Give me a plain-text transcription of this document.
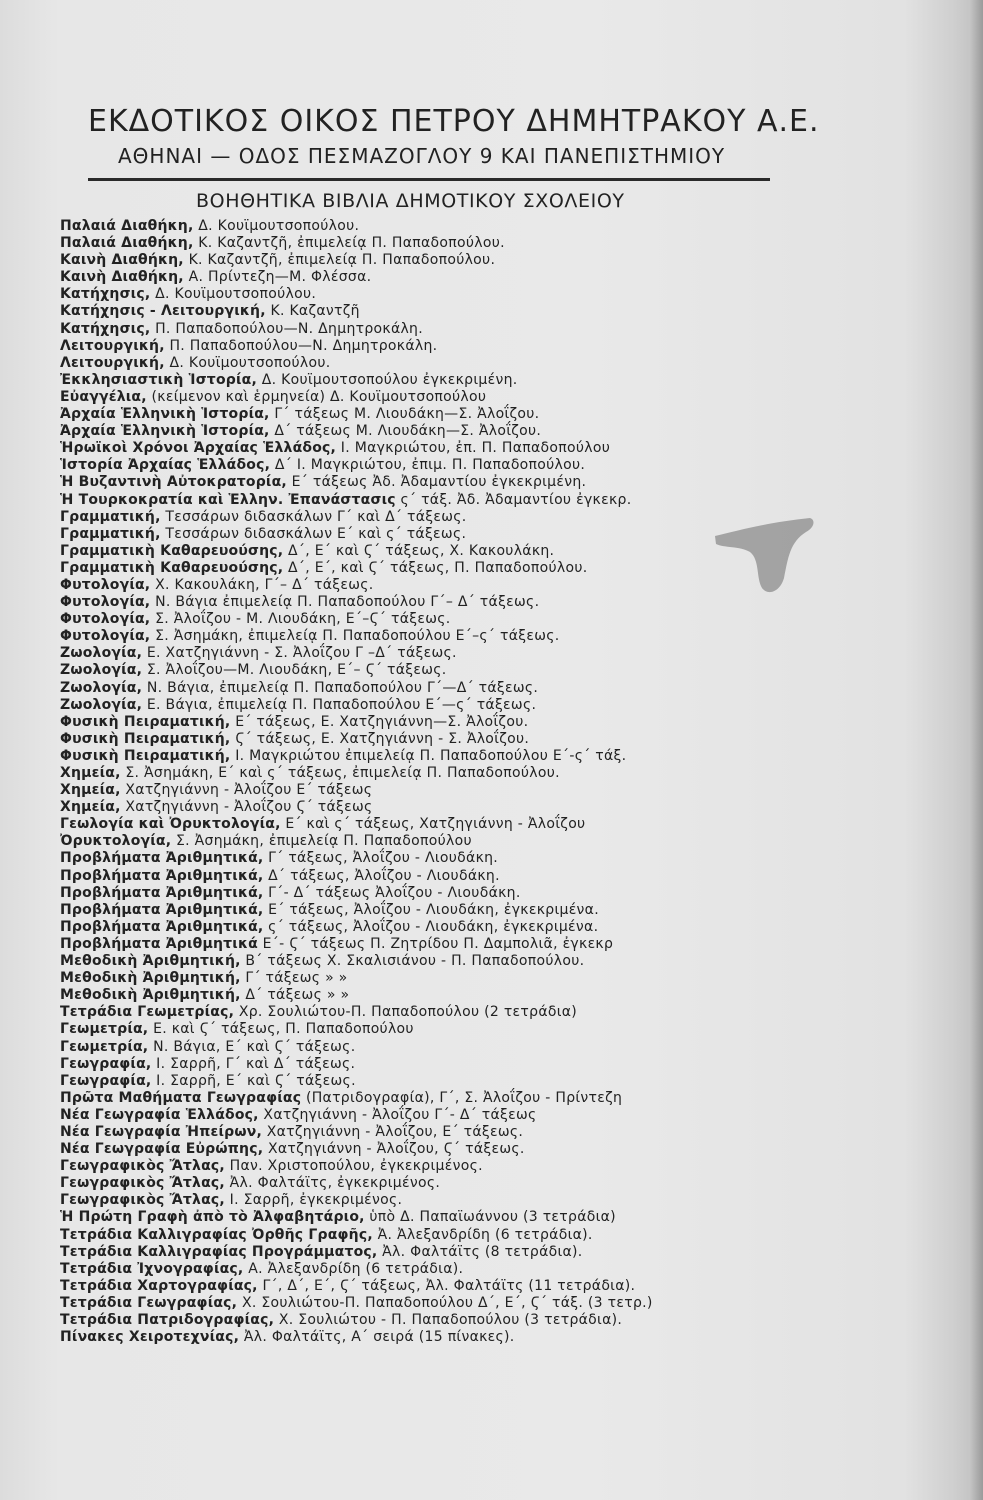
ΕΚΔΟΤΙΚΟΣ ΟΙΚΟΣ ΠΕΤΡΟΥ ΔΗΜΗΤΡΑΚΟΥ Α.Ε.
ΑΘΗΝΑΙ — ΟΔΟΣ ΠΕΣΜΑΖΟΓΛΟΥ 9 ΚΑΙ ΠΑΝΕΠΙΣΤΗΜΙΟΥ
ΒΟΗΘΗΤΙΚΑ ΒΙΒΛΙΑ ΔΗΜΟΤΙΚΟΥ ΣΧΟΛΕΙΟΥ
Παλαιά Διαθήκη, Δ. Κουϊμουτσοπούλου.
Παλαιά Διαθήκη, Κ. Καζαντζῆ, ἐπιμελείᾳ Π. Παπαδοπούλου.
Καινὴ Διαθήκη, Κ. Καζαντζῆ, ἐπιμελείᾳ Π. Παπαδοπούλου.
Καινὴ Διαθήκη, Α. Πρίντεζη—Μ. Φλέσσα.
Κατήχησις, Δ. Κουϊμουτσοπούλου.
Κατήχησις - Λειτουργική, Κ. Καζαντζῆ
Κατήχησις, Π. Παπαδοπούλου—Ν. Δημητροκάλη.
Λειτουργική, Π. Παπαδοπούλου—Ν. Δημητροκάλη.
Λειτουργική, Δ. Κουϊμουτσοπούλου.
Ἐκκλησιαστικὴ Ἱστορία, Δ. Κουϊμουτσοπούλου ἐγκεκριμένη.
Εὐαγγέλια, (κείμενον καὶ ἑρμηνεία) Δ. Κουϊμουτσοπούλου
Ἀρχαία Ἑλληνικὴ Ἱστορία, Γ΄ τάξεως Μ. Λιουδάκη—Σ. Ἀλοΐζου.
Ἀρχαία Ἑλληνικὴ Ἱστορία, Δ΄ τάξεως Μ. Λιουδάκη—Σ. Ἀλοΐζου.
Ἡρωϊκοὶ Χρόνοι Ἀρχαίας Ἑλλάδος, Ι. Μαγκριώτου, ἐπ. Π. Παπαδοπούλου
Ἱστορία Ἀρχαίας Ἑλλάδος, Δ΄ Ι. Μαγκριώτου, ἐπιμ. Π. Παπαδοπούλου.
Ἡ Βυζαντινὴ Αὐτοκρατορία, Ε΄ τάξεως Ἀδ. Ἀδαμαντίου ἐγκεκριμένη.
Ἡ Τουρκοκρατία καὶ Ἑλλην. Ἐπανάστασις ς΄ τάξ. Ἀδ. Ἀδαμαντίου ἐγκεκρ.
Γραμματική, Τεσσάρων διδασκάλων Γ΄ καὶ Δ΄ τάξεως.
Γραμματική, Τεσσάρων διδασκάλων Ε΄ καὶ ς΄ τάξεως.
Γραμματικὴ Καθαρευούσης, Δ΄, Ε΄ καὶ Ϛ΄ τάξεως, Χ. Κακουλάκη.
Γραμματικὴ Καθαρευούσης, Δ΄, Ε΄, καὶ Ϛ΄ τάξεως, Π. Παπαδοπούλου.
Φυτολογία, Χ. Κακουλάκη, Γ΄– Δ΄ τάξεως.
Φυτολογία, Ν. Βάγια ἐπιμελείᾳ Π. Παπαδοπούλου Γ΄– Δ΄ τάξεως.
Φυτολογία, Σ. Ἀλοΐζου - Μ. Λιουδάκη, Ε΄–Ϛ΄ τάξεως.
Φυτολογία, Σ. Ἀσημάκη, ἐπιμελείᾳ Π. Παπαδοπούλου Ε΄–ς΄ τάξεως.
Ζωολογία, Ε. Χατζηγιάννη - Σ. Ἀλοΐζου Γ –Δ΄ τάξεως.
Ζωολογία, Σ. Ἀλοΐζου—Μ. Λιουδάκη, Ε΄– Ϛ΄ τάξεως.
Ζωολογία, Ν. Βάγια, ἐπιμελείᾳ Π. Παπαδοπούλου Γ΄—Δ΄ τάξεως.
Ζωολογία, Ε. Βάγια, ἐπιμελείᾳ Π. Παπαδοπούλου Ε΄—ς΄ τάξεως.
Φυσικὴ Πειραματική, Ε΄ τάξεως, Ε. Χατζηγιάννη—Σ. Ἀλοΐζου.
Φυσικὴ Πειραματική, Ϛ΄ τάξεως, Ε. Χατζηγιάννη - Σ. Ἀλοΐζου.
Φυσικὴ Πειραματική, Ι. Μαγκριώτου ἐπιμελείᾳ Π. Παπαδοπούλου Ε΄-ς΄ τάξ.
Χημεία, Σ. Ἀσημάκη, Ε΄ καὶ ς΄ τάξεως, ἐπιμελείᾳ Π. Παπαδοπούλου.
Χημεία, Χατζηγιάννη - Ἀλοΐζου Ε΄ τάξεως
Χημεία, Χατζηγιάννη - Ἀλοΐζου Ϛ΄ τάξεως
Γεωλογία καὶ Ὀρυκτολογία, Ε΄ καὶ ς΄ τάξεως, Χατζηγιάννη - Ἀλοΐζου
Ὀρυκτολογία, Σ. Ἀσημάκη, ἐπιμελείᾳ Π. Παπαδοπούλου
Προβλήματα Ἀριθμητικά, Γ΄ τάξεως, Ἀλοΐζου - Λιουδάκη.
Προβλήματα Ἀριθμητικά, Δ΄ τάξεως, Ἀλοΐζου - Λιουδάκη.
Προβλήματα Ἀριθμητικά, Γ΄- Δ΄ τάξεως Ἀλοΐζου - Λιουδάκη.
Προβλήματα Ἀριθμητικά, Ε΄ τάξεως, Ἀλοΐζου - Λιουδάκη, ἐγκεκριμένα.
Προβλήματα Ἀριθμητικά, ς΄ τάξεως, Ἀλοΐζου - Λιουδάκη, ἐγκεκριμένα.
Προβλήματα Ἀριθμητικά Ε΄- Ϛ΄ τάξεως Π. Ζητρίδου Π. Δαμπολιᾶ, ἐγκεκρ
Μεθοδικὴ Ἀριθμητική, Β΄ τάξεως Χ. Σκαλισιάνου - Π. Παπαδοπούλου.
Μεθοδικὴ Ἀριθμητική, Γ΄ τάξεως » »
Μεθοδικὴ Ἀριθμητική, Δ΄ τάξεως » »
Τετράδια Γεωμετρίας, Χρ. Σουλιώτου-Π. Παπαδοπούλου (2 τετράδια)
Γεωμετρία, Ε. καὶ Ϛ΄ τάξεως, Π. Παπαδοπούλου
Γεωμετρία, Ν. Βάγια, Ε΄ καὶ Ϛ΄ τάξεως.
Γεωγραφία, Ι. Σαρρῆ, Γ΄ καὶ Δ΄ τάξεως.
Γεωγραφία, Ι. Σαρρῆ, Ε΄ καὶ Ϛ΄ τάξεως.
Πρῶτα Μαθήματα Γεωγραφίας (Πατριδογραφία), Γ΄, Σ. Ἀλοΐζου - Πρίντεζη
Νέα Γεωγραφία Ἑλλάδος, Χατζηγιάννη - Ἀλοΐζου Γ΄- Δ΄ τάξεως
Νέα Γεωγραφία Ἠπείρων, Χατζηγιάννη - Ἀλοΐζου, Ε΄ τάξεως.
Νέα Γεωγραφία Εὐρώπης, Χατζηγιάννη - Ἀλοΐζου, Ϛ΄ τάξεως.
Γεωγραφικὸς Ἄτλας, Παν. Χριστοπούλου, ἐγκεκριμένος.
Γεωγραφικὸς Ἄτλας, Ἀλ. Φαλτάϊτς, ἐγκεκριμένος.
Γεωγραφικὸς Ἄτλας, Ι. Σαρρῆ, ἐγκεκριμένος.
Ἡ Πρώτη Γραφὴ ἀπὸ τὸ Ἀλφαβητάριο, ὑπὸ Δ. Παπαϊωάννου (3 τετράδια)
Τετράδια Καλλιγραφίας Ὀρθῆς Γραφῆς, Ἀ. Ἀλεξανδρίδη (6 τετράδια).
Τετράδια Καλλιγραφίας Προγράμματος, Ἀλ. Φαλτάϊτς (8 τετράδια).
Τετράδια Ἰχνογραφίας, Α. Ἀλεξανδρίδη (6 τετράδια).
Τετράδια Χαρτογραφίας, Γ΄, Δ΄, Ε΄, Ϛ΄ τάξεως, Ἀλ. Φαλτάϊτς (11 τετράδια).
Τετράδια Γεωγραφίας, Χ. Σουλιώτου-Π. Παπαδοπούλου Δ΄, Ε΄, Ϛ΄ τάξ. (3 τετρ.)
Τετράδια Πατριδογραφίας, Χ. Σουλιώτου - Π. Παπαδοπούλου (3 τετράδια).
Πίνακες Χειροτεχνίας, Ἀλ. Φαλτάϊτς, Α΄ σειρά (15 πίνακες).
